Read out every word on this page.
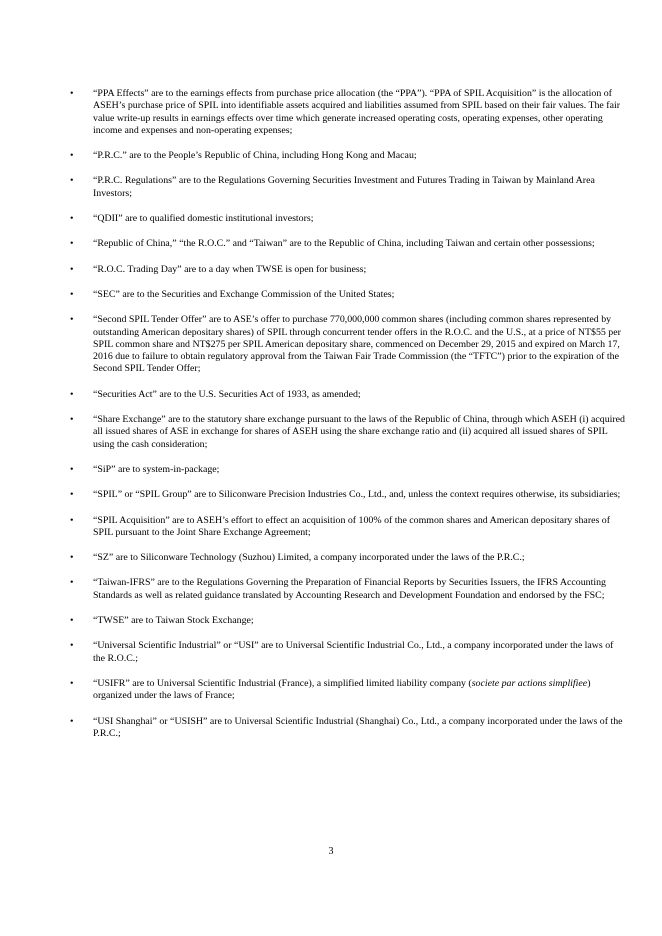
• “PPA Effects” are to the earnings effects from purchase price allocation (the “PPA”). “PPA of SPIL Acquisition” is the allocation of ASEH’s purchase price of SPIL into identifiable assets acquired and liabilities assumed from SPIL based on their fair values. The fair value write-up results in earnings effects over time which generate increased operating costs, operating expenses, other operating income and expenses and non-operating expenses;
• “P.R.C.” are to the People’s Republic of China, including Hong Kong and Macau;
• “P.R.C. Regulations” are to the Regulations Governing Securities Investment and Futures Trading in Taiwan by Mainland Area Investors;
• “QDII” are to qualified domestic institutional investors;
• “Republic of China,” “the R.O.C.” and “Taiwan” are to the Republic of China, including Taiwan and certain other possessions;
• “R.O.C. Trading Day” are to a day when TWSE is open for business;
• “SEC” are to the Securities and Exchange Commission of the United States;
• “Second SPIL Tender Offer” are to ASE’s offer to purchase 770,000,000 common shares (including common shares represented by outstanding American depositary shares) of SPIL through concurrent tender offers in the R.O.C. and the U.S., at a price of NT$55 per SPIL common share and NT$275 per SPIL American depositary share, commenced on December 29, 2015 and expired on March 17, 2016 due to failure to obtain regulatory approval from the Taiwan Fair Trade Commission (the “TFTC”) prior to the expiration of the Second SPIL Tender Offer;
• “Securities Act” are to the U.S. Securities Act of 1933, as amended;
• “Share Exchange” are to the statutory share exchange pursuant to the laws of the Republic of China, through which ASEH (i) acquired all issued shares of ASE in exchange for shares of ASEH using the share exchange ratio and (ii) acquired all issued shares of SPIL using the cash consideration;
• “SiP” are to system-in-package;
• “SPIL” or “SPIL Group” are to Siliconware Precision Industries Co., Ltd., and, unless the context requires otherwise, its subsidiaries;
• “SPIL Acquisition” are to ASEH’s effort to effect an acquisition of 100% of the common shares and American depositary shares of SPIL pursuant to the Joint Share Exchange Agreement;
• “SZ” are to Siliconware Technology (Suzhou) Limited, a company incorporated under the laws of the P.R.C.;
• “Taiwan-IFRS” are to the Regulations Governing the Preparation of Financial Reports by Securities Issuers, the IFRS Accounting Standards as well as related guidance translated by Accounting Research and Development Foundation and endorsed by the FSC;
• “TWSE” are to Taiwan Stock Exchange;
• “Universal Scientific Industrial” or “USI” are to Universal Scientific Industrial Co., Ltd., a company incorporated under the laws of the R.O.C.;
• “USIFR” are to Universal Scientific Industrial (France), a simplified limited liability company (societe par actions simplifiee) organized under the laws of France;
• “USI Shanghai” or “USISH” are to Universal Scientific Industrial (Shanghai) Co., Ltd., a company incorporated under the laws of the P.R.C.;
3
